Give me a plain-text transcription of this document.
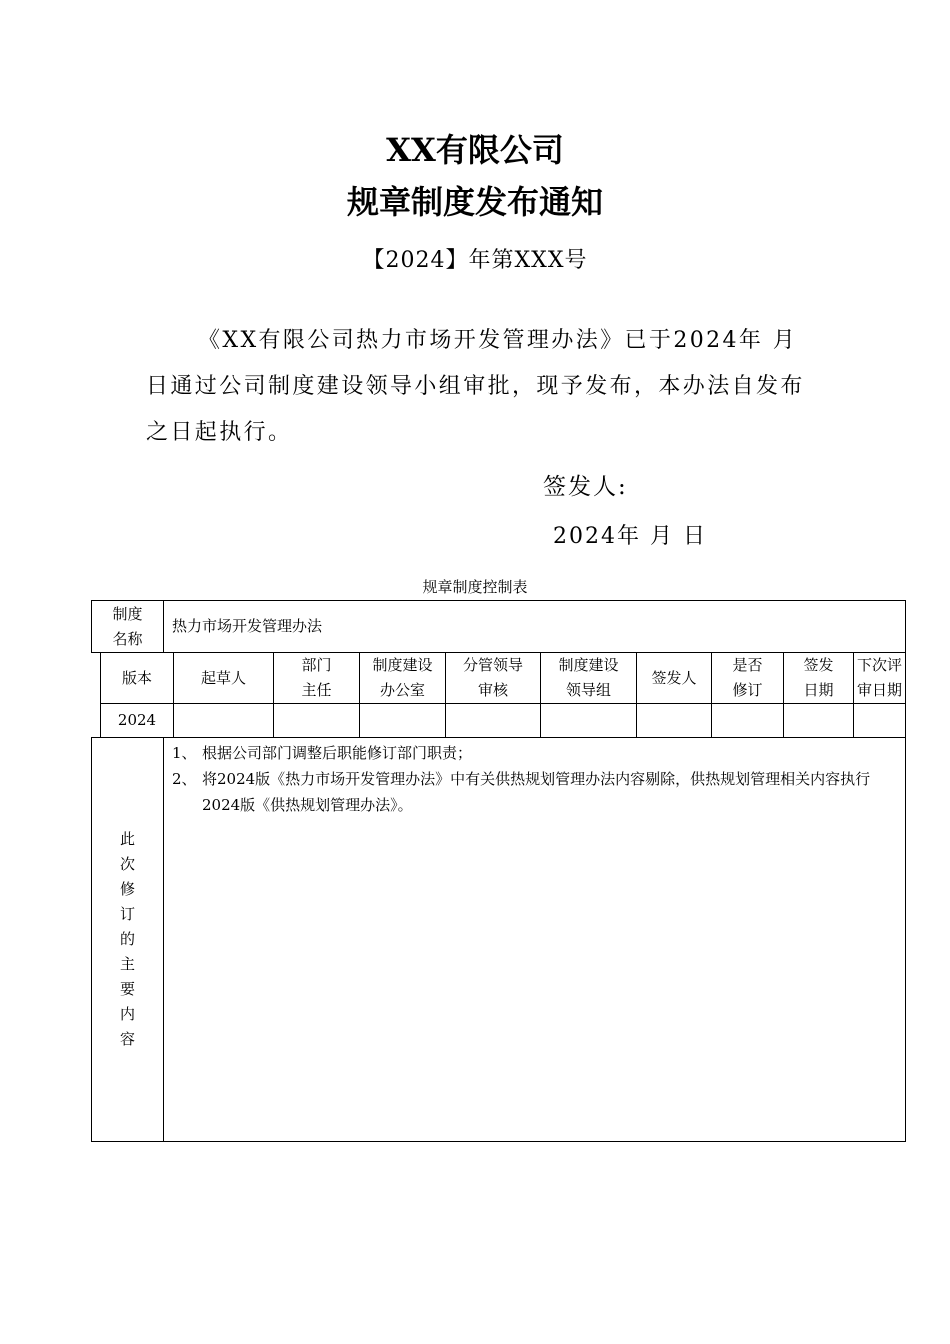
XX有限公司
规章制度发布通知
【2024】年第XXX号
《XX有限公司热力市场开发管理办法》已于2024年 月日通过公司制度建设领导小组审批，现予发布，本办法自发布之日起执行。
签发人:
2024年 月 日
规章制度控制表
制度名称		热力市场开发管理办法									
	版本		起草人	部门主任	制度建设办公室	分管领导审核	制度建设领导组	签发人	是否修订	签发日期	下次评审日期

	2024										

此次修订的主要内容		1、 根据公司部门调整后职能修订部门职责；
2、 将2024版《热力市场开发管理办法》中有关供热规划管理办法内容剔除，供热规划管理相关内容执行2024版《供热规划管理办法》。									
